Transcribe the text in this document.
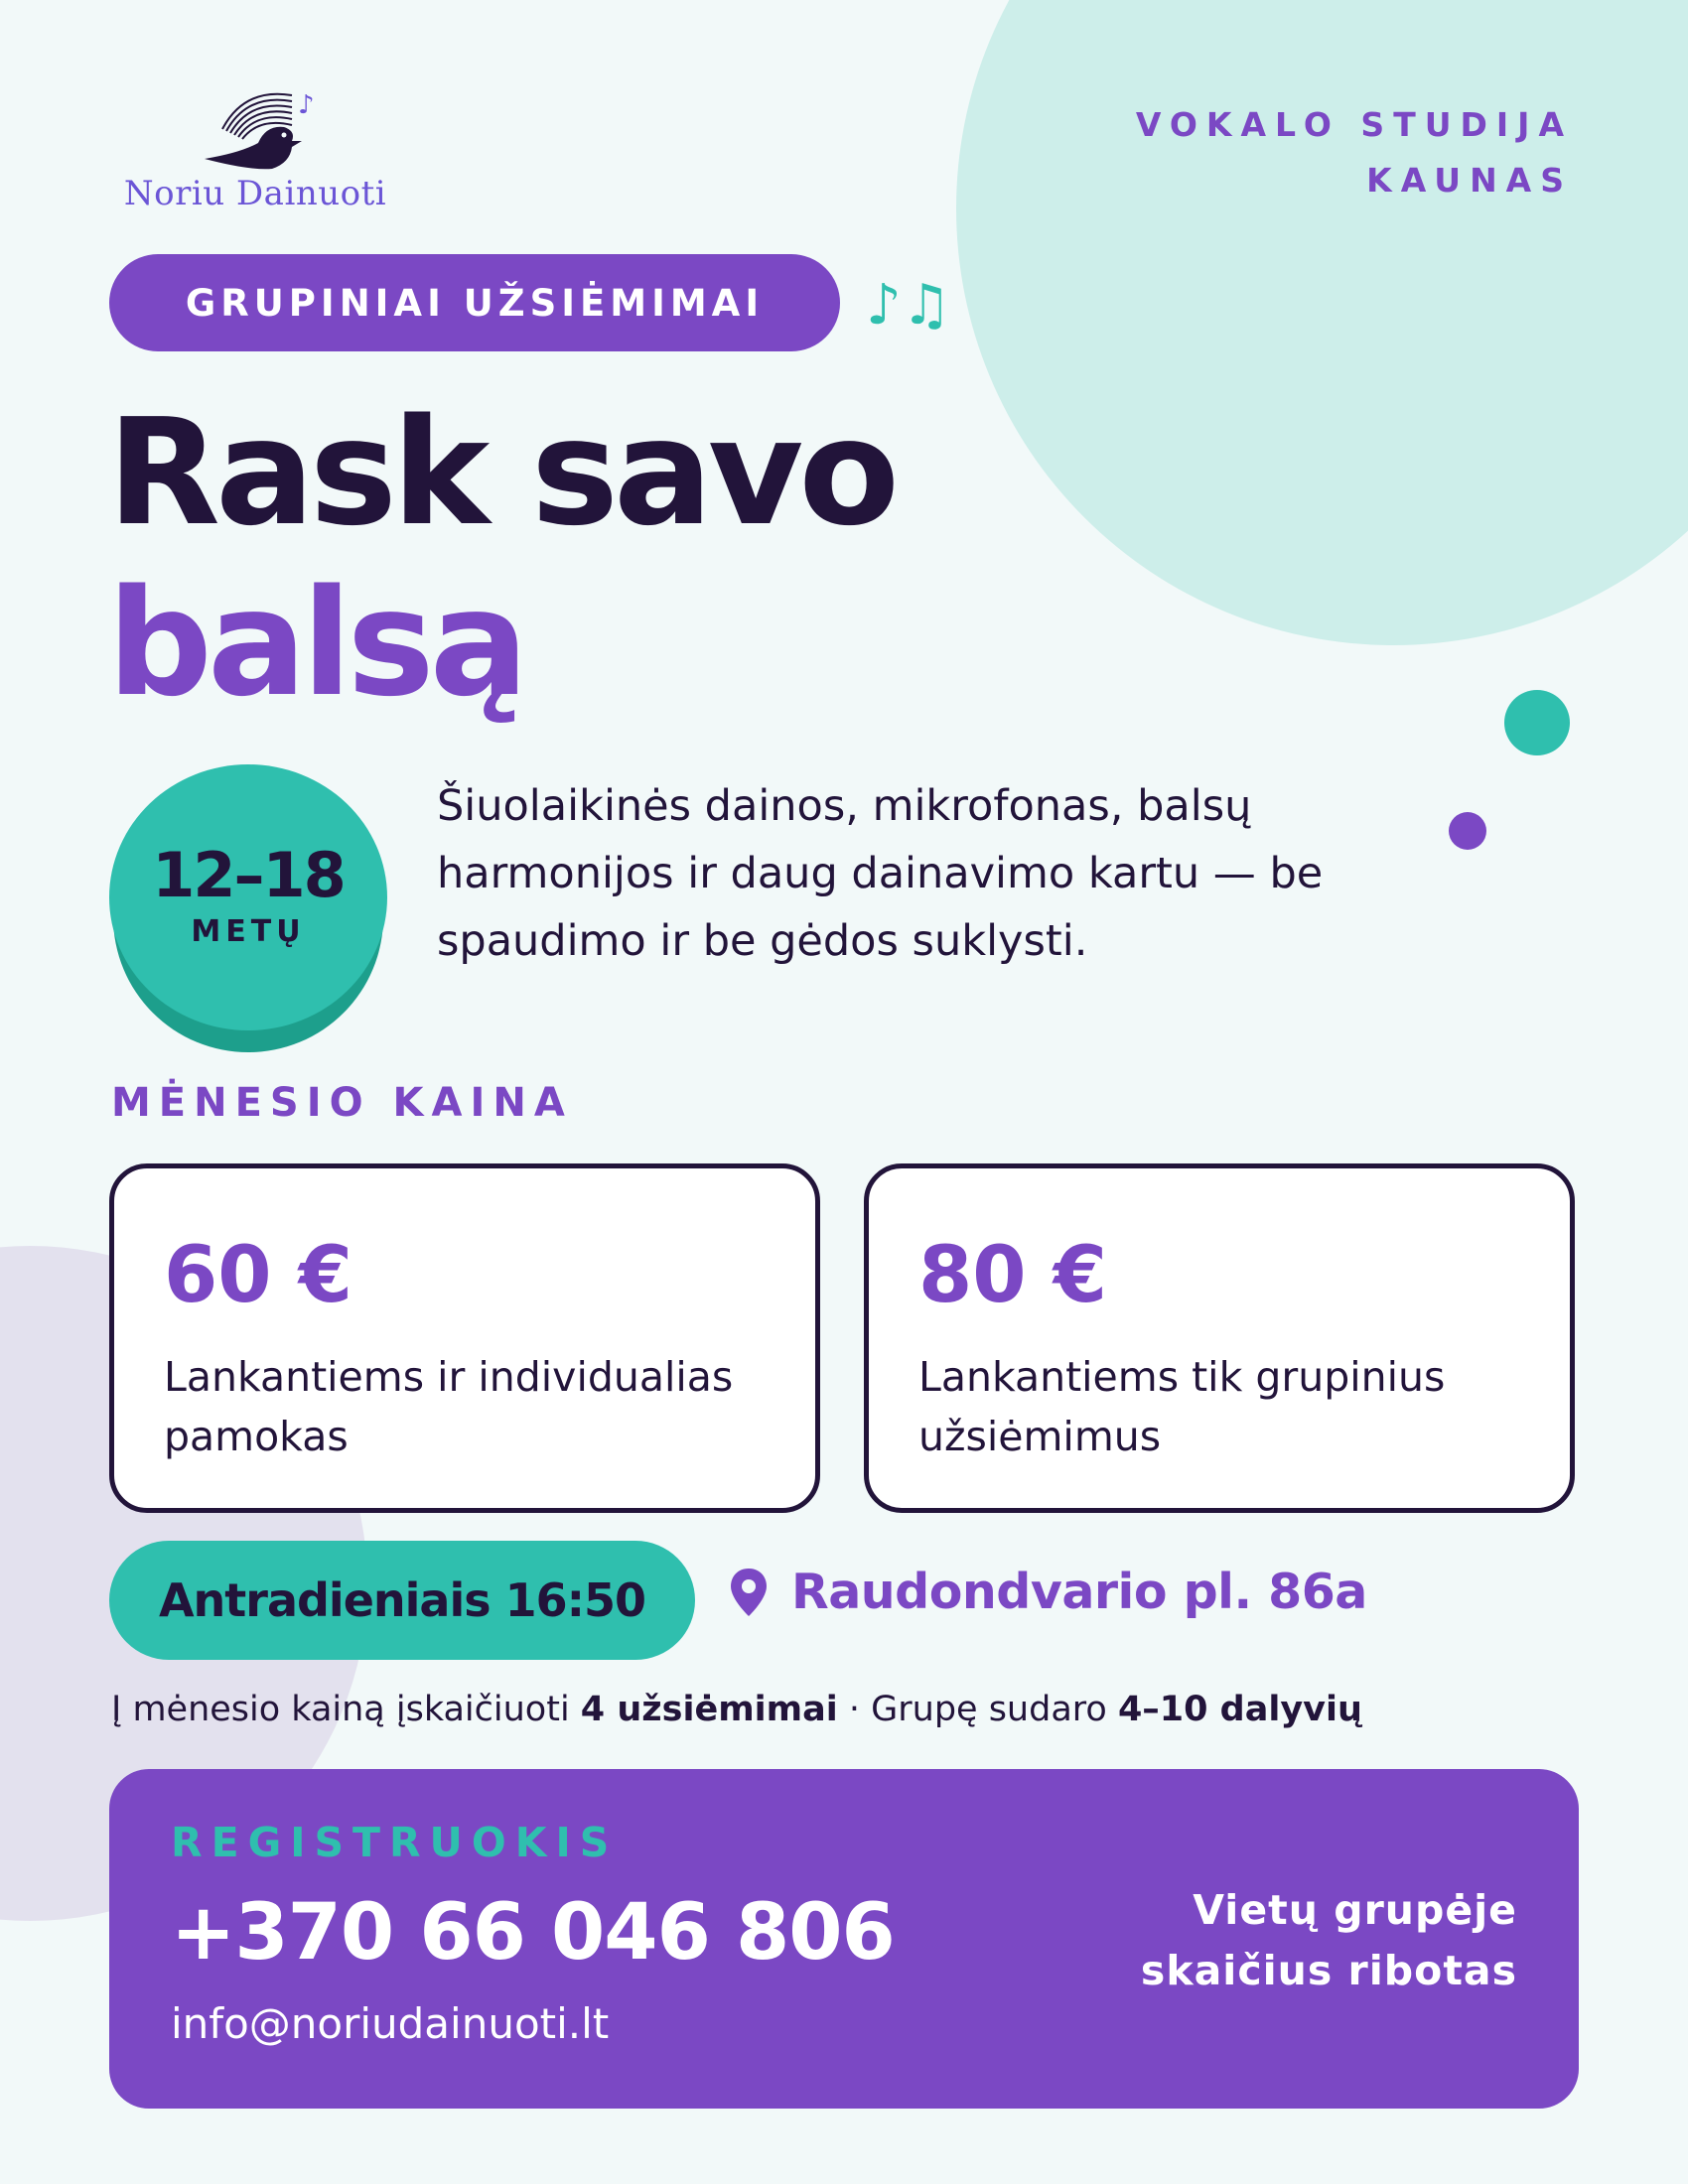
♪
Noriu Dainuoti
VOKALO STUDIJA
KAUNAS
GRUPINIAI UŽSIĖMIMAI	♪♫
Rask savo
balsą
12–18
METŲ

Šiuolaikinės dainos, mikrofonas, balsų harmonijos ir daug dainavimo kartu — be spaudimo ir be gėdos suklysti.

MĖNESIO KAINA
60 €
Lankantiems ir individualias pamokas
80 €
Lankantiems tik grupinius užsiėmimus
Antradieniais 16:50	Raudondvario pl. 86a

Į mėnesio kainą įskaičiuoti 4 užsiėmimai · Grupę sudaro 4–10 dalyvių

REGISTRUOKIS
+370 66 046 806
info@noriudainuoti.lt
Vietų grupėje
skaičius ribotas
